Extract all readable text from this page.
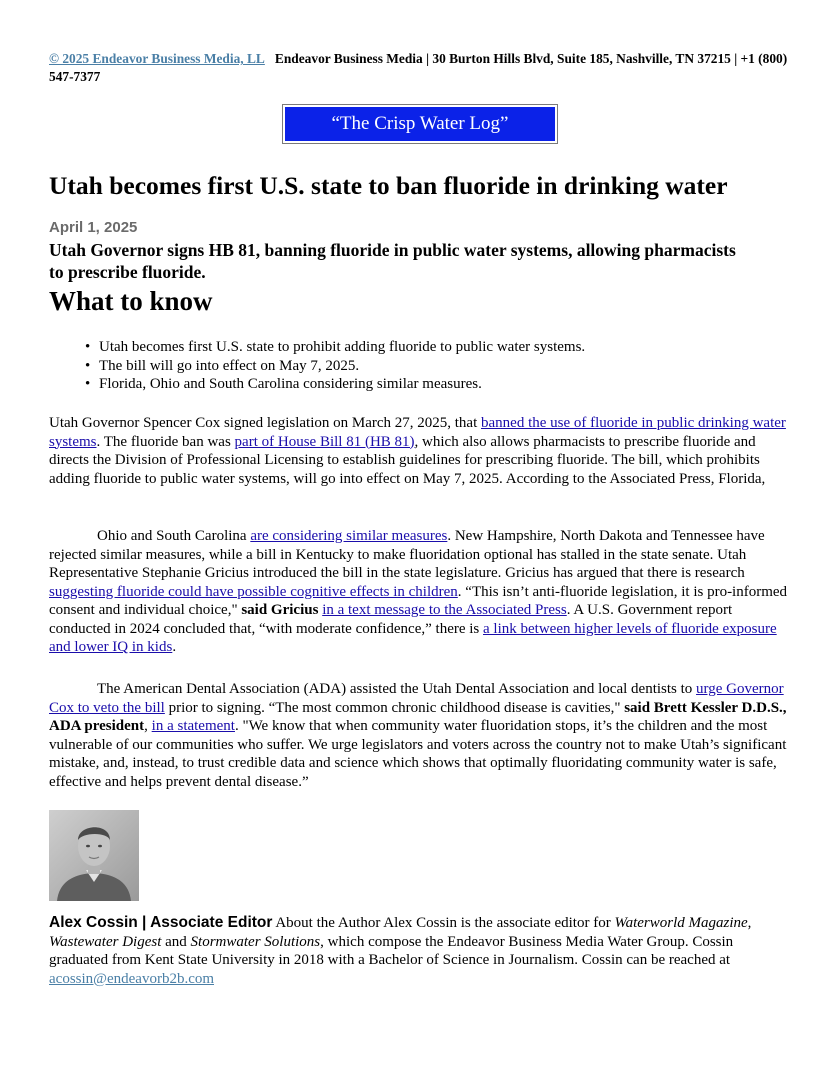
© 2025 Endeavor Business Media, LL Endeavor Business Media | 30 Burton Hills Blvd, Suite 185, Nashville, TN 37215 | +1 (800) 547-7377
“The Crisp Water Log”
Utah becomes first U.S. state to ban fluoride in drinking water
April 1, 2025
Utah Governor signs HB 81, banning fluoride in public water systems, allowing pharmacists to prescribe fluoride.
What to know
• Utah becomes first U.S. state to prohibit adding fluoride to public water systems.
• The bill will go into effect on May 7, 2025.
• Florida, Ohio and South Carolina considering similar measures.

Utah Governor Spencer Cox signed legislation on March 27, 2025, that banned the use of fluoride in public drinking water systems. The fluoride ban was part of House Bill 81 (HB 81), which also allows pharmacists to prescribe fluoride and directs the Division of Professional Licensing to establish guidelines for prescribing fluoride. The bill, which prohibits adding fluoride to public water systems, will go into effect on May 7, 2025. According to the Associated Press, Florida,

Ohio and South Carolina are considering similar measures. New Hampshire, North Dakota and Tennessee have rejected similar measures, while a bill in Kentucky to make fluoridation optional has stalled in the state senate. Utah Representative Stephanie Gricius introduced the bill in the state legislature. Gricius has argued that there is research suggesting fluoride could have possible cognitive effects in children. “This isn’t anti-fluoride legislation, it is pro-informed consent and individual choice," said Gricius in a text message to the Associated Press. A U.S. Government report conducted in 2024 concluded that, “with moderate confidence,” there is a link between higher levels of fluoride exposure and lower IQ in kids.

The American Dental Association (ADA) assisted the Utah Dental Association and local dentists to urge Governor Cox to veto the bill prior to signing. “The most common chronic childhood disease is cavities," said Brett Kessler D.D.S., ADA president, in a statement. "We know that when community water fluoridation stops, it’s the children and the most vulnerable of our communities who suffer. We urge legislators and voters across the country not to make Utah’s significant mistake, and, instead, to trust credible data and science which shows that optimally fluoridating community water is safe, effective and helps prevent dental disease.”

Alex Cossin | Associate Editor About the Author Alex Cossin is the associate editor for Waterworld Magazine, Wastewater Digest and Stormwater Solutions, which compose the Endeavor Business Media Water Group. Cossin graduated from Kent State University in 2018 with a Bachelor of Science in Journalism. Cossin can be reached at acossin@endeavorb2b.com
